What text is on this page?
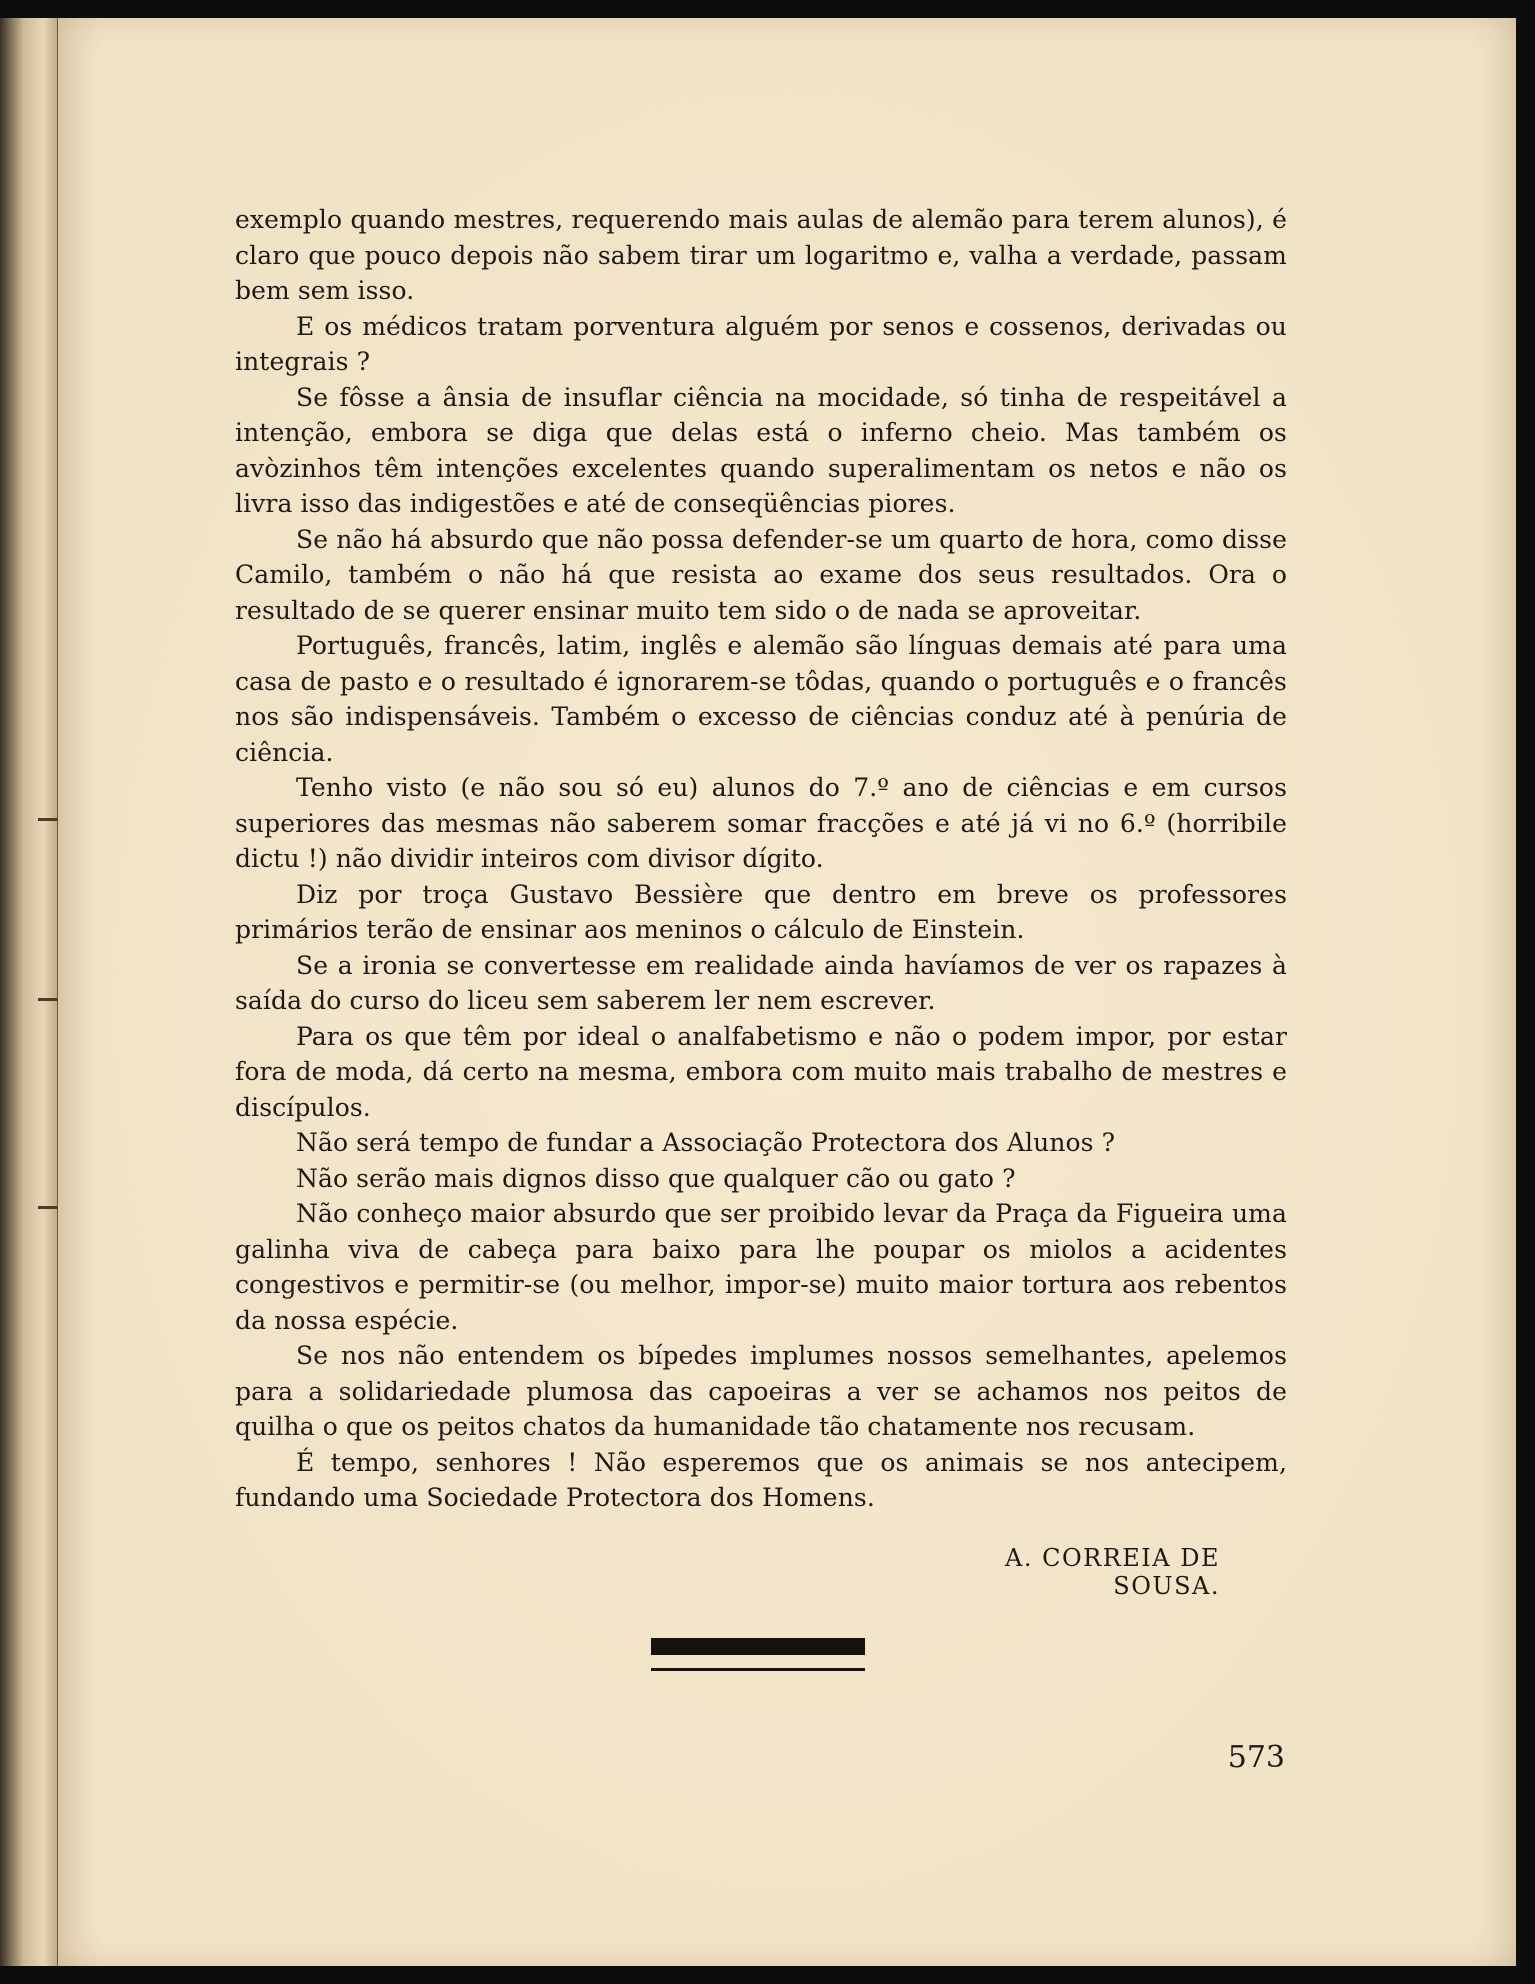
exemplo quando mestres, requerendo mais aulas de alemão para terem alunos), é claro que pouco depois não sabem tirar um logaritmo e, valha a verdade, passam bem sem isso.

E os médicos tratam porventura alguém por senos e cossenos, derivadas ou integrais ?

Se fôsse a ânsia de insuflar ciência na mocidade, só tinha de respeitável a intenção, embora se diga que delas está o inferno cheio. Mas também os avòzinhos têm intenções excelentes quando superalimentam os netos e não os livra isso das indigestões e até de conseqüências piores.

Se não há absurdo que não possa defender-se um quarto de hora, como disse Camilo, também o não há que resista ao exame dos seus resultados. Ora o resultado de se querer ensinar muito tem sido o de nada se aproveitar.

Português, francês, latim, inglês e alemão são línguas demais até para uma casa de pasto e o resultado é ignorarem-se tôdas, quando o português e o francês nos são indispensáveis. Também o excesso de ciências conduz até à penúria de ciência.

Tenho visto (e não sou só eu) alunos do 7.º ano de ciências e em cursos superiores das mesmas não saberem somar fracções e até já vi no 6.º (horribile dictu !) não dividir inteiros com divisor dígito.

Diz por troça Gustavo Bessière que dentro em breve os professores primários terão de ensinar aos meninos o cálculo de Einstein.

Se a ironia se convertesse em realidade ainda havíamos de ver os rapazes à saída do curso do liceu sem saberem ler nem escrever.

Para os que têm por ideal o analfabetismo e não o podem impor, por estar fora de moda, dá certo na mesma, embora com muito mais trabalho de mestres e discípulos.

Não será tempo de fundar a Associação Protectora dos Alunos ?

Não serão mais dignos disso que qualquer cão ou gato ?

Não conheço maior absurdo que ser proibido levar da Praça da Figueira uma galinha viva de cabeça para baixo para lhe poupar os miolos a acidentes congestivos e permitir-se (ou melhor, impor-se) muito maior tortura aos rebentos da nossa espécie.

Se nos não entendem os bípedes implumes nossos semelhantes, apelemos para a solidariedade plumosa das capoeiras a ver se achamos nos peitos de quilha o que os peitos chatos da humanidade tão chatamente nos recusam.

É tempo, senhores ! Não esperemos que os animais se nos antecipem, fundando uma Sociedade Protectora dos Homens.

A. CORREIA DE SOUSA.
573
